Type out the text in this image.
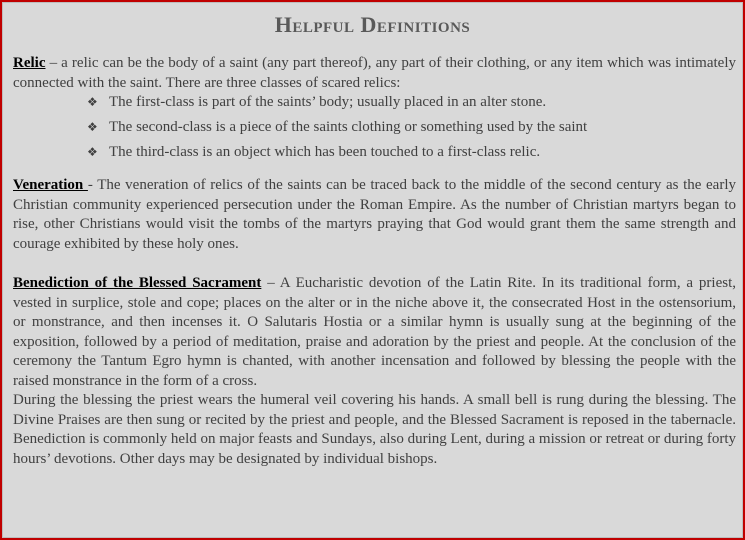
Helpful Definitions

Relic – a relic can be the body of a saint (any part thereof), any part of their clothing, or any item which was intimately connected with the saint. There are three classes of scared relics:

❖ The first-class is part of the saints’ body; usually placed in an alter stone.
❖ The second-class is a piece of the saints clothing or something used by the saint
❖ The third-class is an object which has been touched to a first-class relic.

Veneration - The veneration of relics of the saints can be traced back to the middle of the second century as the early Christian community experienced persecution under the Roman Empire. As the number of Christian martyrs began to rise, other Christians would visit the tombs of the martyrs praying that God would grant them the same strength and courage exhibited by these holy ones.

Benediction of the Blessed Sacrament – A Eucharistic devotion of the Latin Rite. In its traditional form, a priest, vested in surplice, stole and cope; places on the alter or in the niche above it, the consecrated Host in the ostensorium, or monstrance, and then incenses it. O Salutaris Hostia or a similar hymn is usually sung at the beginning of the exposition, followed by a period of meditation, praise and adoration by the priest and people. At the conclusion of the ceremony the Tantum Egro hymn is chanted, with another incensation and followed by blessing the people with the raised monstrance in the form of a cross.

During the blessing the priest wears the humeral veil covering his hands. A small bell is rung during the blessing. The Divine Praises are then sung or recited by the priest and people, and the Blessed Sacrament is reposed in the tabernacle. Benediction is commonly held on major feasts and Sundays, also during Lent, during a mission or retreat or during forty hours’ devotions. Other days may be designated by individual bishops.
